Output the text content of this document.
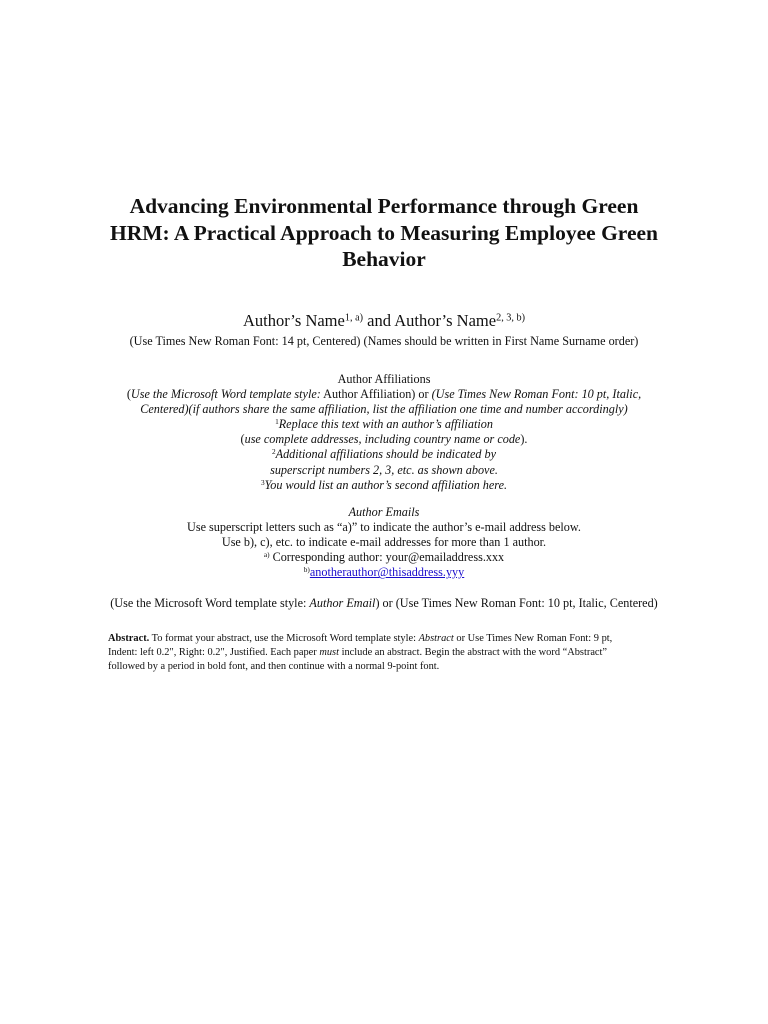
Advancing Environmental Performance through Green
HRM: A Practical Approach to Measuring Employee Green
Behavior

Author’s Name$^{1, a)}$ and Author’s Name$^{2, 3, b)}$

(Use Times New Roman Font: 14 pt, Centered) (Names should be written in First Name Surname order)

Author Affiliations
(Use the Microsoft Word template style: Author Affiliation) or (Use Times New Roman Font: 10 pt, Italic,
Centered)(if authors share the same affiliation, list the affiliation one time and number accordingly)
$^1$Replace this text with an author’s affiliation
(use complete addresses, including country name or code).
$^2$Additional affiliations should be indicated by
superscript numbers 2, 3, etc. as shown above.
$^3$You would list an author’s second affiliation here.
Author Emails
Use superscript letters such as “a)” to indicate the author’s e-mail address below.
Use b), c), etc. to indicate e-mail addresses for more than 1 author.
$^{a)}$ Corresponding author: your@emailaddress.xxx
$^{b)}$anotherauthor@thisaddress.yyy

(Use the Microsoft Word template style: Author Email) or (Use Times New Roman Font: 10 pt, Italic, Centered)

Abstract. To format your abstract, use the Microsoft Word template style: Abstract or Use Times New Roman Font: 9 pt,
Indent: left 0.2", Right: 0.2", Justified. Each paper must include an abstract. Begin the abstract with the word “Abstract”
followed by a period in bold font, and then continue with a normal 9-point font.
